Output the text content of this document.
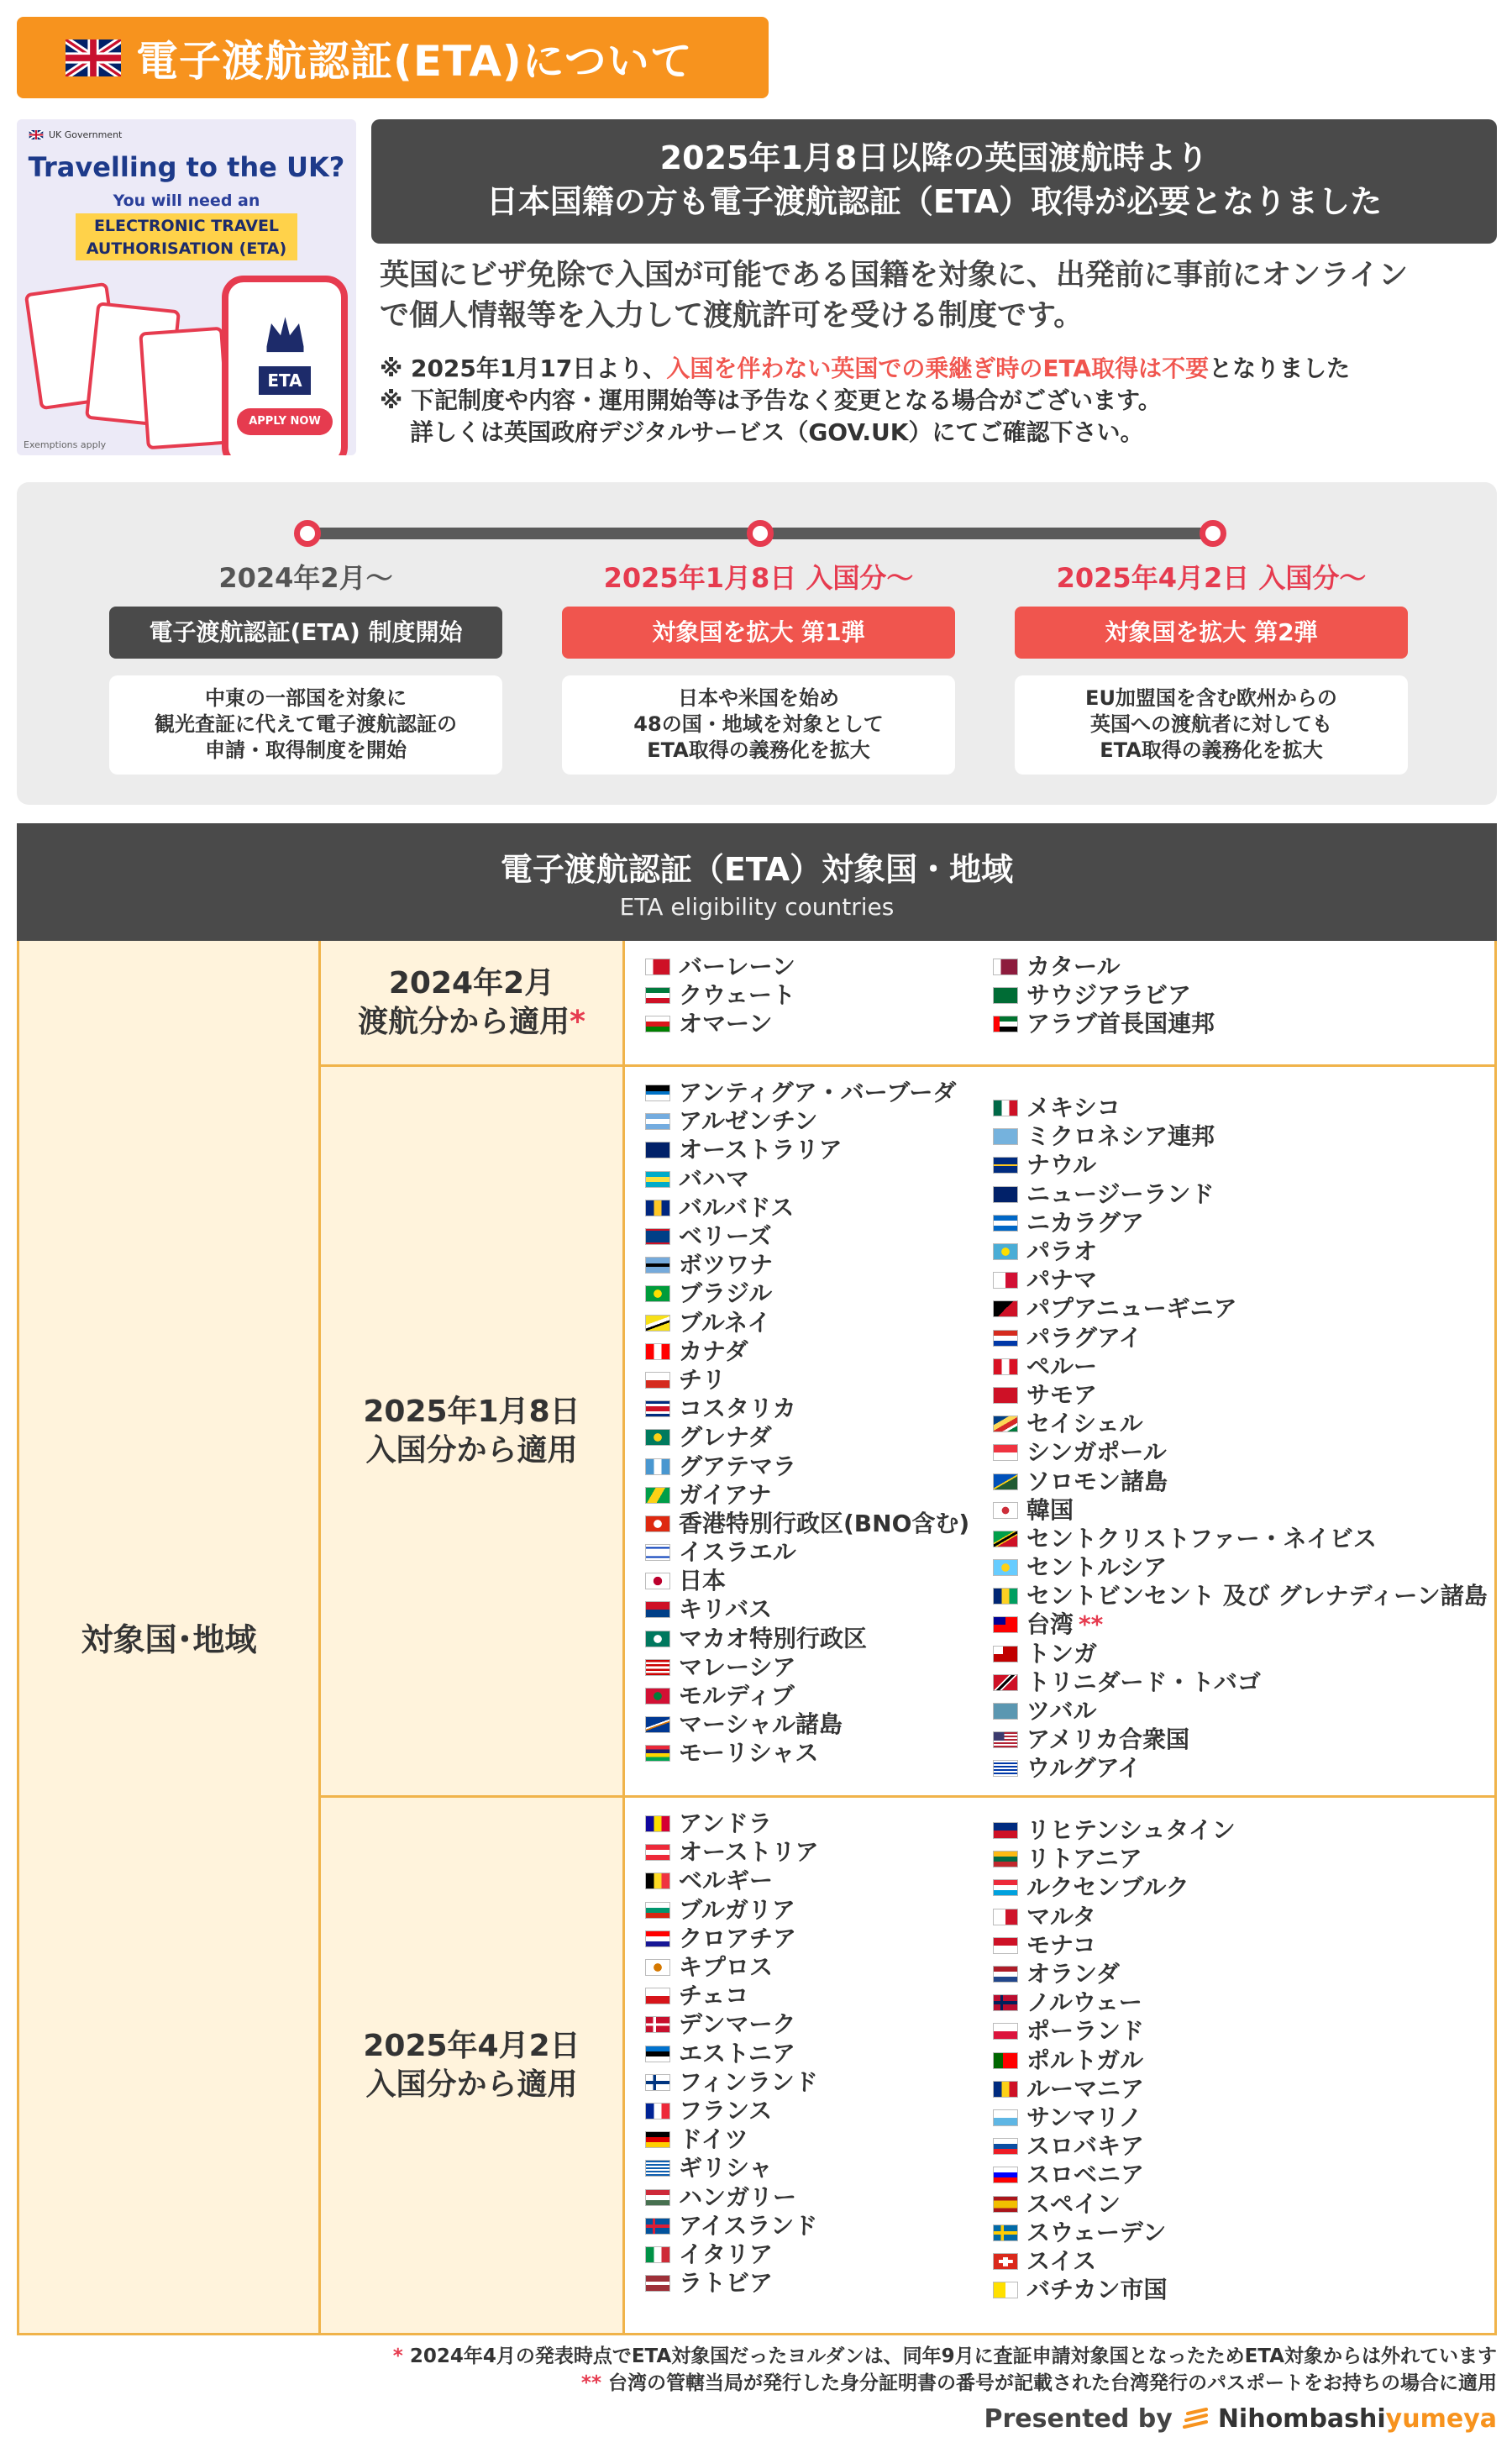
電子渡航認証(ETA)について
UK Government
Travelling to the UK?
You will need an
ELECTRONIC TRAVEL
AUTHORISATION (ETA)
ETA
APPLY NOW
Exemptions apply
2025年1月8日以降の英国渡航時より
日本国籍の方も電子渡航認証（ETA）取得が必要となりました
英国にビザ免除で入国が可能である国籍を対象に、出発前に事前にオンライン
で個人情報等を入力して渡航許可を受ける制度です。
※ 2025年1月17日より、入国を伴わない英国での乗継ぎ時のETA取得は不要となりました
※ 下記制度や内容・運用開始等は予告なく変更となる場合がございます。
詳しくは英国政府デジタルサービス（GOV.UK）にてご確認下さい。
2024年2月〜
電子渡航認証(ETA) 制度開始
中東の一部国を対象に
観光査証に代えて電子渡航認証の
申請・取得制度を開始
2025年1月8日 入国分〜
対象国を拡大 第1弾
日本や米国を始め
48の国・地域を対象として
ETA取得の義務化を拡大
2025年4月2日 入国分〜
対象国を拡大 第2弾
EU加盟国を含む欧州からの
英国への渡航者に対しても
ETA取得の義務化を拡大
電子渡航認証（ETA）対象国・地域
ETA eligibility countries
対象国･地域
2024年2月
渡航分から適用*
バーレーン
クウェート
オマーン
カタール
サウジアラビア
アラブ首長国連邦
2025年1月8日
入国分から適用
アンティグア・バーブーダ
アルゼンチン
オーストラリア
バハマ
バルバドス
ベリーズ
ボツワナ
ブラジル
ブルネイ
カナダ
チリ
コスタリカ
グレナダ
グアテマラ
ガイアナ
香港特別行政区(BNO含む)
イスラエル
日本
キリバス
マカオ特別行政区
マレーシア
モルディブ
マーシャル諸島
モーリシャス
メキシコ
ミクロネシア連邦
ナウル
ニュージーランド
ニカラグア
パラオ
パナマ
パプアニューギニア
パラグアイ
ペルー
サモア
セイシェル
シンガポール
ソロモン諸島
韓国
セントクリストファー・ネイビス
セントルシア
セントビンセント 及び グレナディーン諸島
台湾 **
トンガ
トリニダード・トバゴ
ツバル
アメリカ合衆国
ウルグアイ
2025年4月2日
入国分から適用
アンドラ
オーストリア
ベルギー
ブルガリア
クロアチア
キプロス
チェコ
デンマーク
エストニア
フィンランド
フランス
ドイツ
ギリシャ
ハンガリー
アイスランド
イタリア
ラトビア
リヒテンシュタイン
リトアニア
ルクセンブルク
マルタ
モナコ
オランダ
ノルウェー
ポーランド
ポルトガル
ルーマニア
サンマリノ
スロバキア
スロベニア
スペイン
スウェーデン
スイス
バチカン市国
* 2024年4月の発表時点でETA対象国だったヨルダンは、同年9月に査証申請対象国となったためETA対象からは外れています
** 台湾の管轄当局が発行した身分証明書の番号が記載された台湾発行のパスポートをお持ちの場合に適用
Presented by Nihombashi yumeya
